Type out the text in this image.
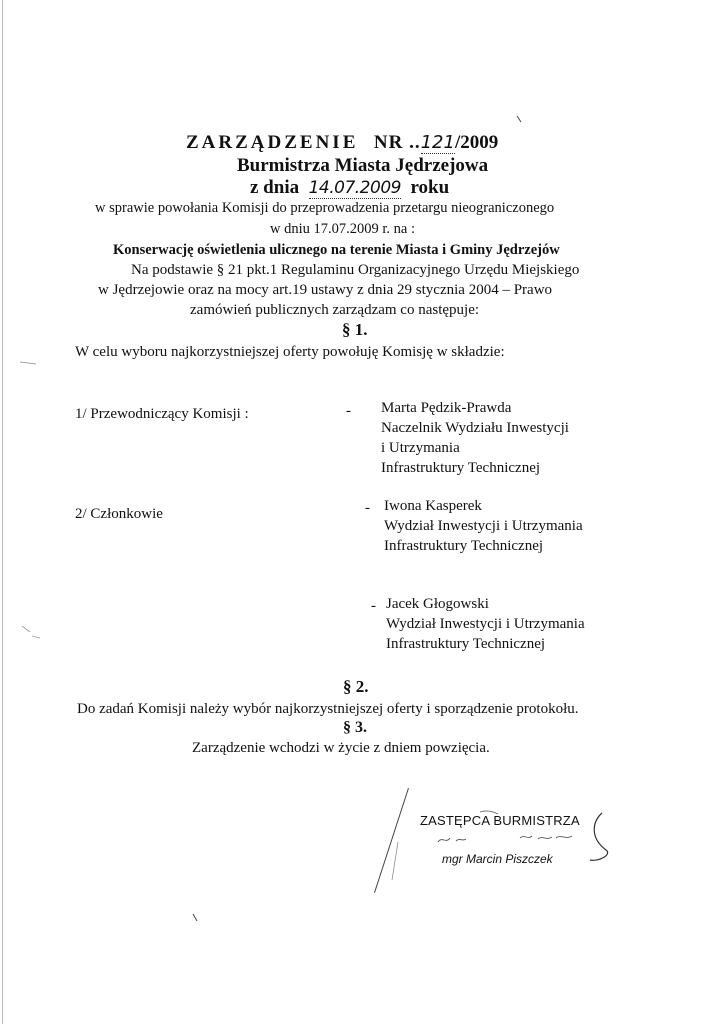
ZARZĄDZENIE NR ..121/2009
Burmistrza Miasta Jędrzejowa
z dnia 14.07.2009 roku
w sprawie powołania Komisji do przeprowadzenia przetargu nieograniczonego
w dniu 17.07.2009 r. na :
Konserwację oświetlenia ulicznego na terenie Miasta i Gminy Jędrzejów
Na podstawie § 21 pkt.1 Regulaminu Organizacyjnego Urzędu Miejskiego
w Jędrzejowie oraz na mocy art.19 ustawy z dnia 29 stycznia 2004 – Prawo
zamówień publicznych zarządzam co następuje:
§ 1.
W celu wyboru najkorzystniejszej oferty powołuję Komisję w składzie:
1/ Przewodniczący Komisji :	- Marta Pędzik-Prawda
Naczelnik Wydziału Inwestycji
i Utrzymania
Infrastruktury Technicznej
2/ Członkowie	- Iwona Kasperek
Wydział Inwestycji i Utrzymania
Infrastruktury Technicznej
- Jacek Głogowski
Wydział Inwestycji i Utrzymania
Infrastruktury Technicznej
§ 2.
Do zadań Komisji należy wybór najkorzystniejszej oferty i sporządzenie protokołu.
§ 3.
Zarządzenie wchodzi w życie z dniem powzięcia.
ZASTĘPCA BURMISTRZA
mgr Marcin Piszczek
